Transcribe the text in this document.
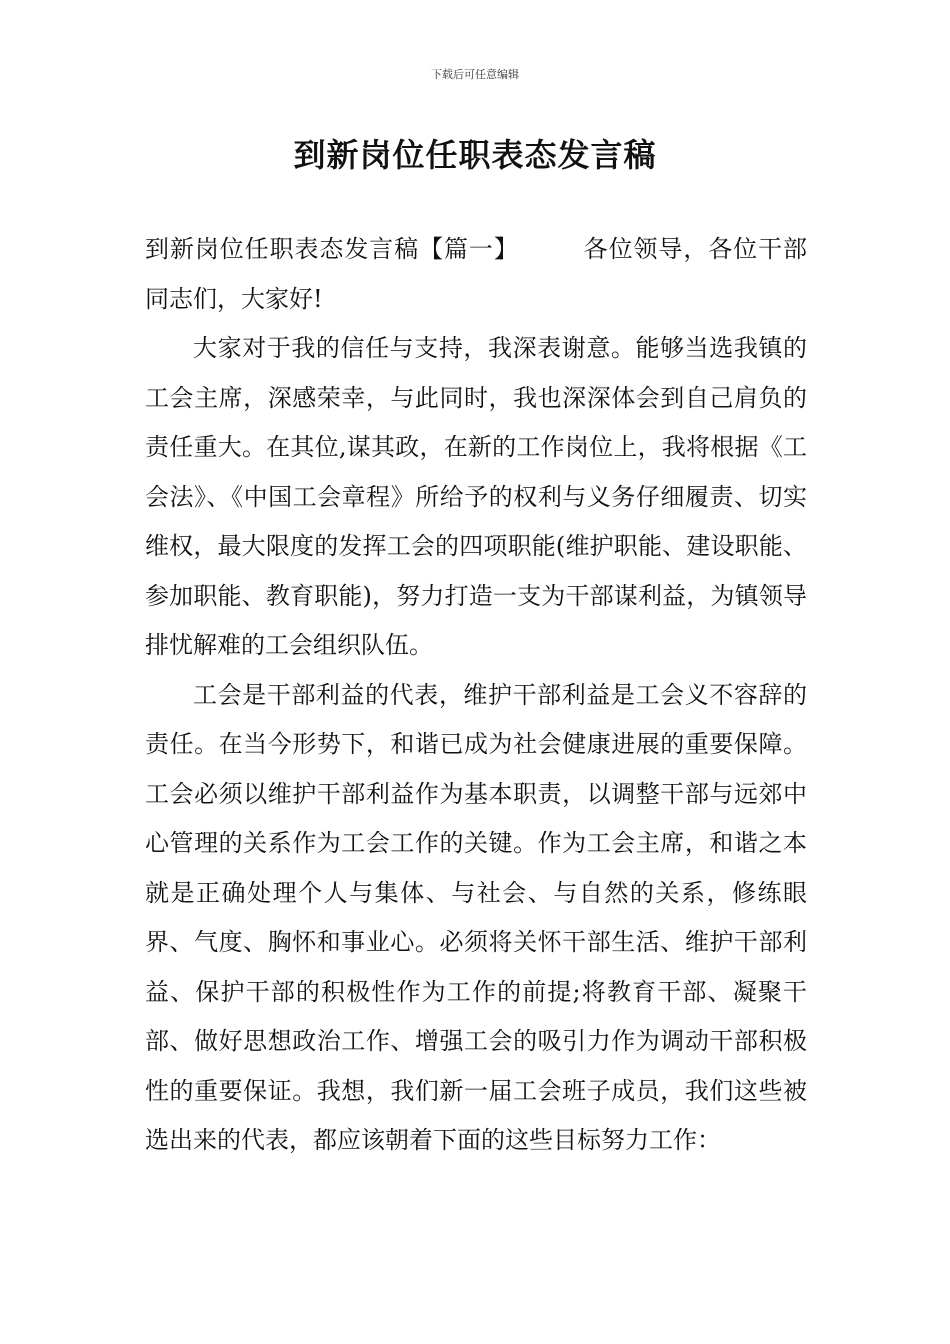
下载后可任意编辑
到新岗位任职表态发言稿

到新岗位任职表态发言稿【篇一】	各位领导，各位干部同志们，大家好!

大家对于我的信任与支持，我深表谢意。能够当选我镇的工会主席，深感荣幸，与此同时，我也深深体会到自己肩负的责任重大。在其位,谋其政，在新的工作岗位上，我将根据《工会法》、《中国工会章程》所给予的权利与义务仔细履责、切实维权，最大限度的发挥工会的四项职能(维护职能、建设职能、参加职能、教育职能)，努力打造一支为干部谋利益，为镇领导排忧解难的工会组织队伍。

工会是干部利益的代表，维护干部利益是工会义不容辞的责任。在当今形势下，和谐已成为社会健康进展的重要保障。工会必须以维护干部利益作为基本职责，以调整干部与远郊中心管理的关系作为工会工作的关键。作为工会主席，和谐之本就是正确处理个人与集体、与社会、与自然的关系，修练眼界、气度、胸怀和事业心。必须将关怀干部生活、维护干部利益、保护干部的积极性作为工作的前提;将教育干部、凝聚干部、做好思想政治工作、增强工会的吸引力作为调动干部积极性的重要保证。我想，我们新一届工会班子成员，我们这些被选出来的代表，都应该朝着下面的这些目标努力工作：
